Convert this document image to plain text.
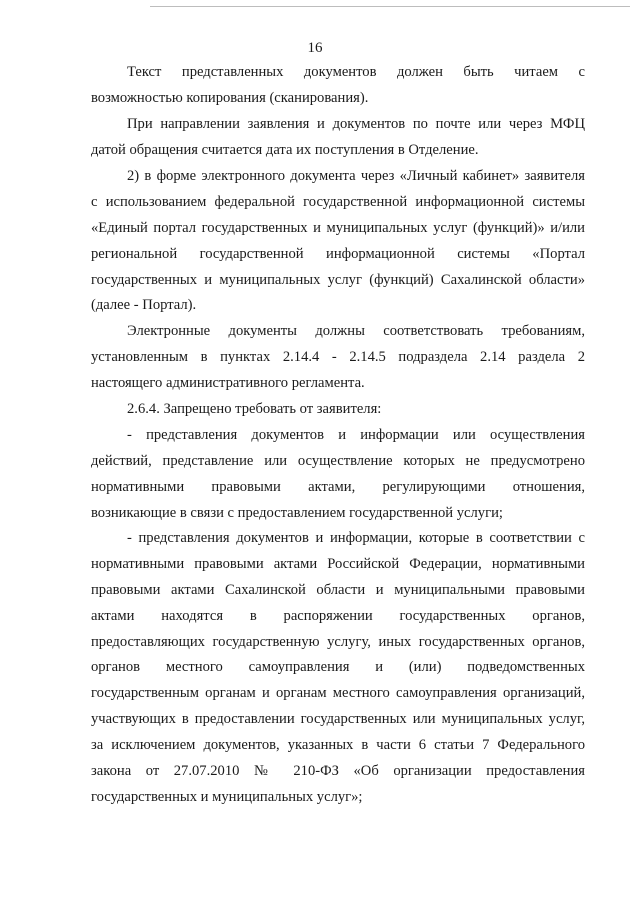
16
Текст представленных документов должен быть читаем с
возможностью копирования (сканирования).
При направлении заявления и документов по почте или через МФЦ
датой обращения считается дата их поступления в Отделение.
2) в форме электронного документа через «Личный кабинет» заявителя
с использованием федеральной государственной информационной системы
«Единый портал государственных и муниципальных услуг (функций)» и/или
региональной государственной информационной системы «Портал
государственных и муниципальных услуг (функций) Сахалинской области»
(далее - Портал).
Электронные документы должны соответствовать требованиям,
установленным в пунктах 2.14.4 - 2.14.5 подраздела 2.14 раздела 2
настоящего административного регламента.
2.6.4. Запрещено требовать от заявителя:
- представления документов и информации или осуществления
действий, представление или осуществление которых не предусмотрено
нормативными правовыми актами, регулирующими отношения,
возникающие в связи с предоставлением государственной услуги;
- представления документов и информации, которые в соответствии с
нормативными правовыми актами Российской Федерации, нормативными
правовыми актами Сахалинской области и муниципальными правовыми
актами находятся в распоряжении государственных органов,
предоставляющих государственную услугу, иных государственных органов,
органов местного самоуправления и (или) подведомственных
государственным органам и органам местного самоуправления организаций,
участвующих в предоставлении государственных или муниципальных услуг,
за исключением документов, указанных в части 6 статьи 7 Федерального
закона от 27.07.2010 № 210-ФЗ «Об организации предоставления
государственных и муниципальных услуг»;
